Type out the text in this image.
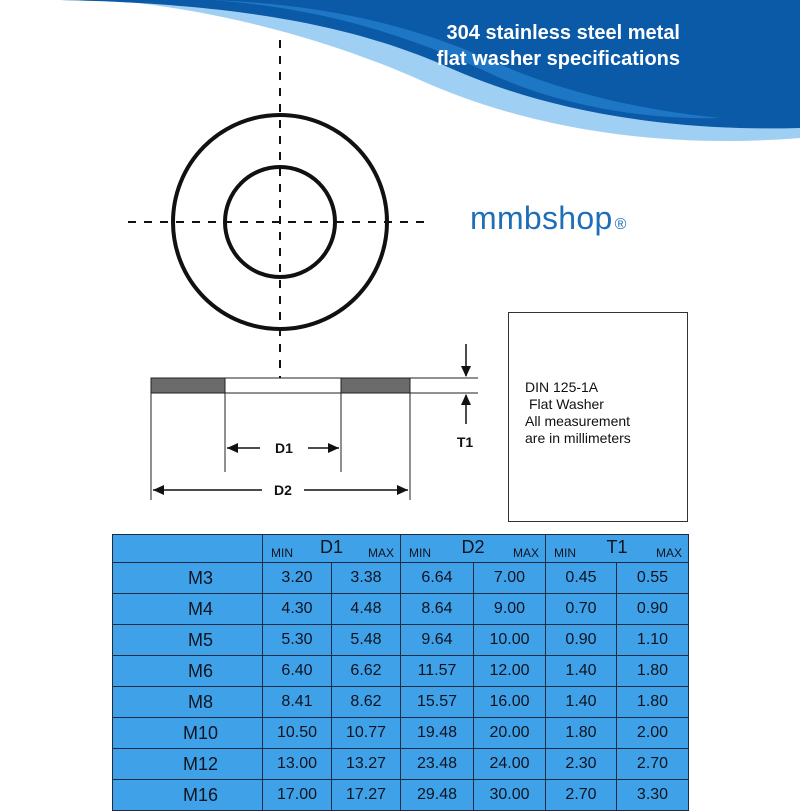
304 stainless steel metal
flat washer specifications
mmbshop ®
D1
D2
T1
DIN 125-1A
Flat Washer
All measurement
are in millimeters

	MIN D1 MAX		MIN D2 MAX		MIN T1 MAX	

M3	3.20	3.38	6.64	7.00	0.45	0.55
M4	4.30	4.48	8.64	9.00	0.70	0.90
M5	5.30	5.48	9.64	10.00	0.90	1.10
M6	6.40	6.62	11.57	12.00	1.40	1.80
M8	8.41	8.62	15.57	16.00	1.40	1.80
M10	10.50	10.77	19.48	20.00	1.80	2.00
M12	13.00	13.27	23.48	24.00	2.30	2.70
M16	17.00	17.27	29.48	30.00	2.70	3.30
